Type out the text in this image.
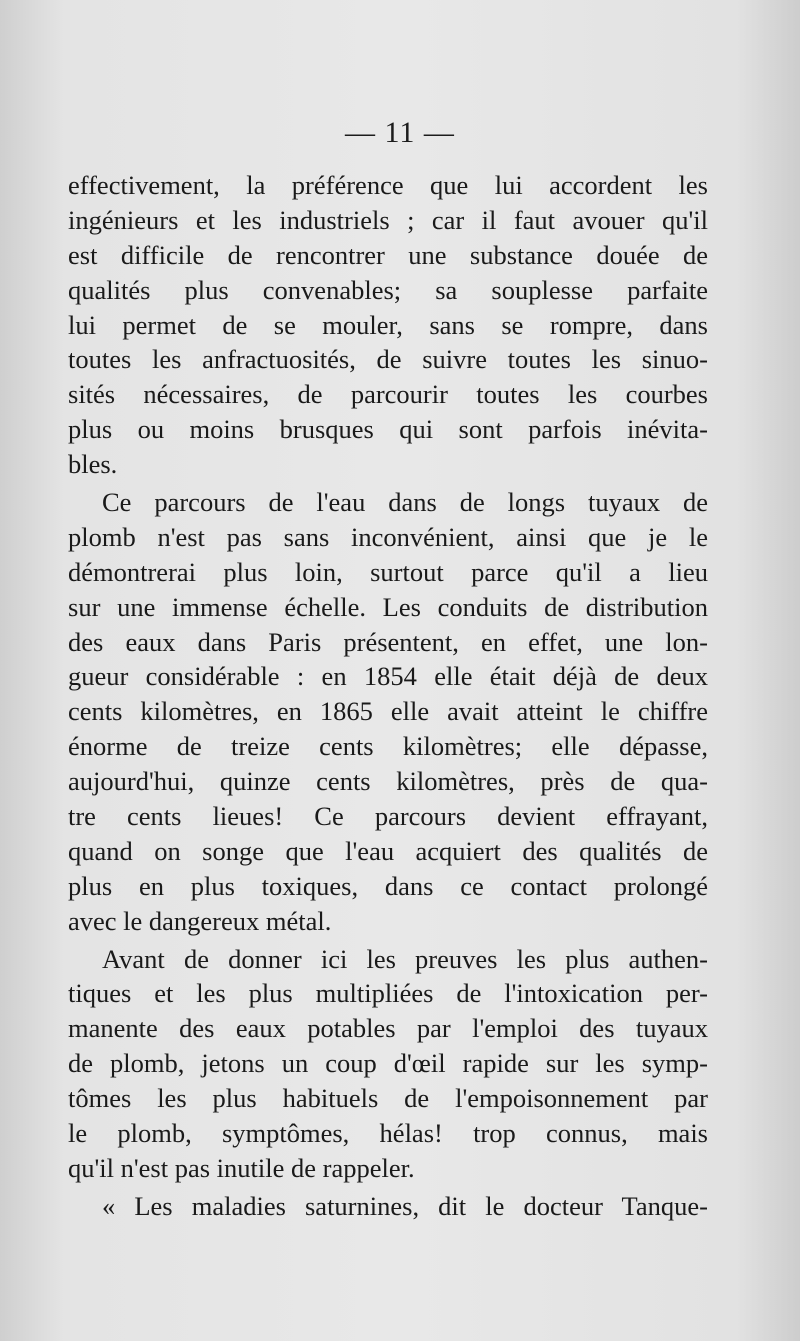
— 11 —
effectivement, la préférence que lui accordent les
ingénieurs et les industriels ; car il faut avouer qu'il
est difficile de rencontrer une substance douée de
qualités plus convenables; sa souplesse parfaite
lui permet de se mouler, sans se rompre, dans
toutes les anfractuosités, de suivre toutes les sinuo-
sités nécessaires, de parcourir toutes les courbes
plus ou moins brusques qui sont parfois inévita-
bles.
Ce parcours de l'eau dans de longs tuyaux de
plomb n'est pas sans inconvénient, ainsi que je le
démontrerai plus loin, surtout parce qu'il a lieu
sur une immense échelle. Les conduits de distribution
des eaux dans Paris présentent, en effet, une lon-
gueur considérable : en 1854 elle était déjà de deux
cents kilomètres, en 1865 elle avait atteint le chiffre
énorme de treize cents kilomètres; elle dépasse,
aujourd'hui, quinze cents kilomètres, près de qua-
tre cents lieues! Ce parcours devient effrayant,
quand on songe que l'eau acquiert des qualités de
plus en plus toxiques, dans ce contact prolongé
avec le dangereux métal.
Avant de donner ici les preuves les plus authen-
tiques et les plus multipliées de l'intoxication per-
manente des eaux potables par l'emploi des tuyaux
de plomb, jetons un coup d'œil rapide sur les symp-
tômes les plus habituels de l'empoisonnement par
le plomb, symptômes, hélas! trop connus, mais
qu'il n'est pas inutile de rappeler.
« Les maladies saturnines, dit le docteur Tanque-
